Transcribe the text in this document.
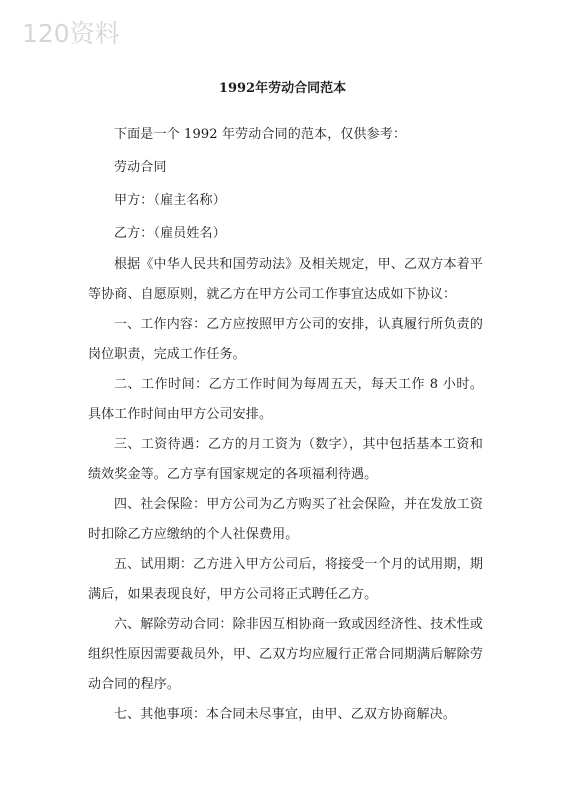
120资料
1992年劳动合同范本

下面是一个 1992 年劳动合同的范本，仅供参考：

劳动合同

甲方：（雇主名称）

乙方：（雇员姓名）

根据《中华人民共和国劳动法》及相关规定，甲、乙双方本着平等协商、自愿原则，就乙方在甲方公司工作事宜达成如下协议：

一、工作内容：乙方应按照甲方公司的安排，认真履行所负责的岗位职责，完成工作任务。

二、工作时间：乙方工作时间为每周五天，每天工作 8 小时。具体工作时间由甲方公司安排。

三、工资待遇：乙方的月工资为（数字），其中包括基本工资和绩效奖金等。乙方享有国家规定的各项福利待遇。

四、社会保险：甲方公司为乙方购买了社会保险，并在发放工资时扣除乙方应缴纳的个人社保费用。

五、试用期：乙方进入甲方公司后，将接受一个月的试用期，期满后，如果表现良好，甲方公司将正式聘任乙方。

六、解除劳动合同：除非因互相协商一致或因经济性、技术性或组织性原因需要裁员外，甲、乙双方均应履行正常合同期满后解除劳动合同的程序。

七、其他事项：本合同未尽事宜，由甲、乙双方协商解决。
